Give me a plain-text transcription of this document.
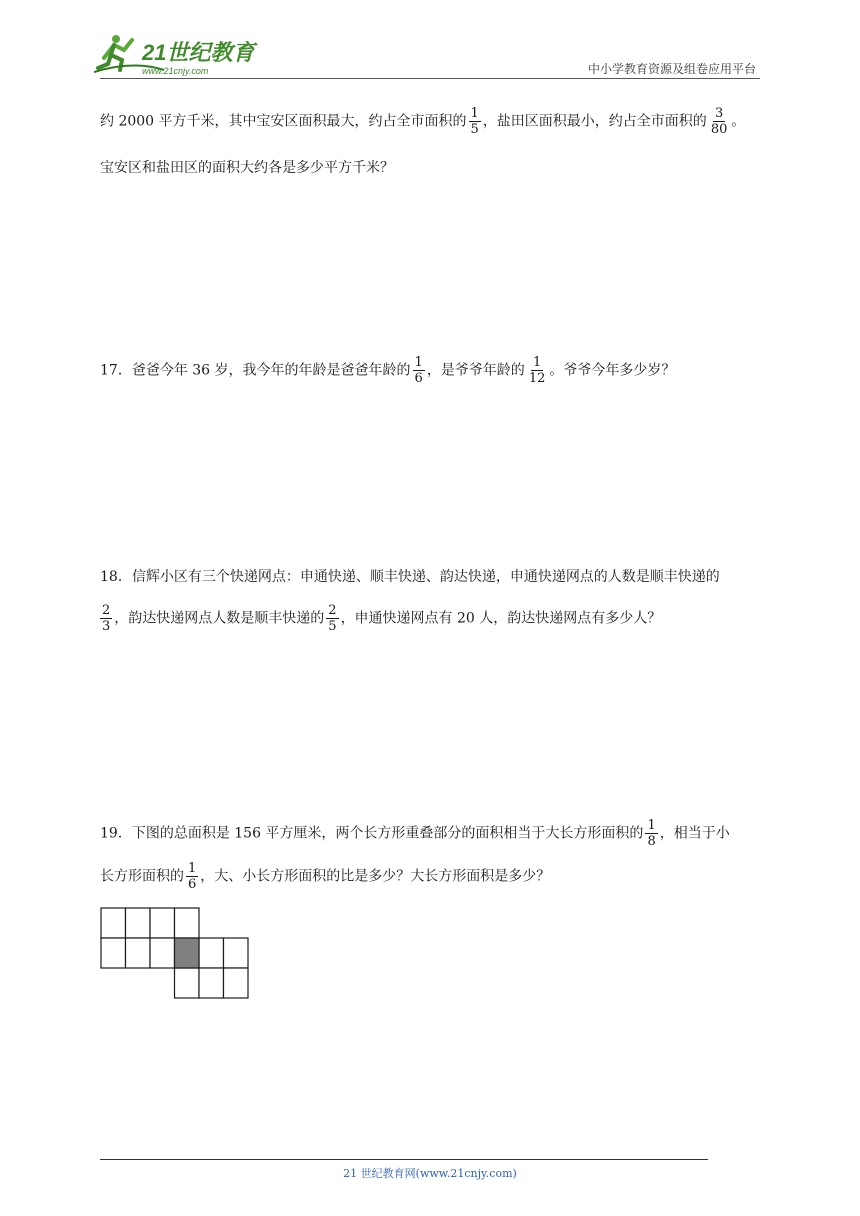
21世纪教育
www.21cnjy.com	中小学教育资源及组卷应用平台
约 2000 平方千米，其中宝安区面积最大，约占全市面积的 $\frac{1}{5}$ ，盐田区面积最小，约占全市面积的 $\frac{3}{80}$ 。
宝安区和盐田区的面积大约各是多少平方千米？
17．爸爸今年 36 岁，我今年的年龄是爸爸年龄的 $\frac{1}{6}$ ，是爷爷年龄的 $\frac{1}{12}$ 。爷爷今年多少岁？
18．信辉小区有三个快递网点：申通快递、顺丰快递、韵达快递，申通快递网点的人数是顺丰快递的
$\frac{2}{3}$ ，韵达快递网点人数是顺丰快递的 $\frac{2}{5}$ ，申通快递网点有 20 人，韵达快递网点有多少人？
19．下图的总面积是 156 平方厘米，两个长方形重叠部分的面积相当于大长方形面积的 $\frac{1}{8}$ ，相当于小
长方形面积的 $\frac{1}{6}$ ，大、小长方形面积的比是多少？大长方形面积是多少？
21 世纪教育网(www.21cnjy.com)
